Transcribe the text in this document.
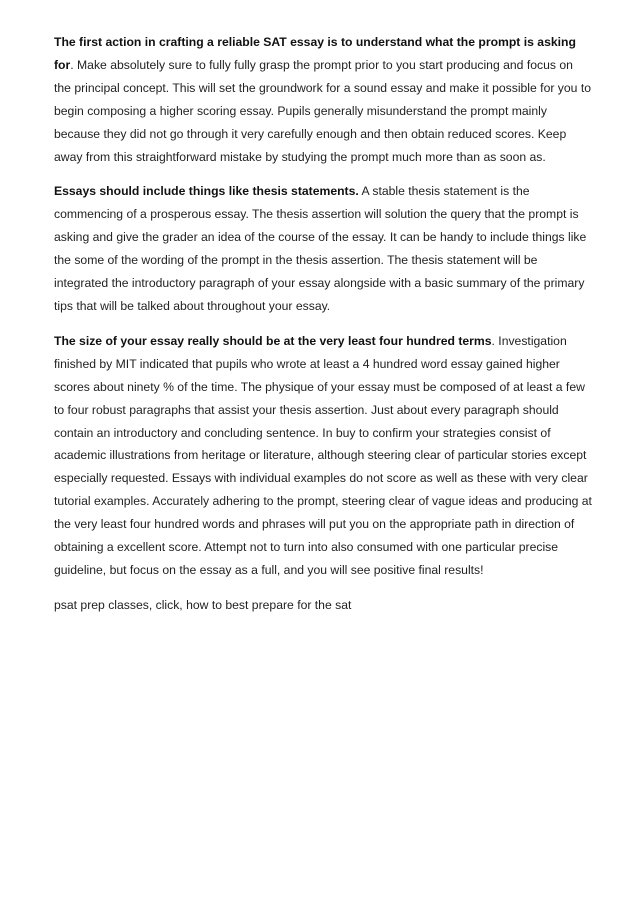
The first action in crafting a reliable SAT essay is to understand what the prompt is asking for. Make absolutely sure to fully fully grasp the prompt prior to you start producing and focus on the principal concept. This will set the groundwork for a sound essay and make it possible for you to begin composing a higher scoring essay. Pupils generally misunderstand the prompt mainly because they did not go through it very carefully enough and then obtain reduced scores. Keep away from this straightforward mistake by studying the prompt much more than as soon as.

Essays should include things like thesis statements. A stable thesis statement is the commencing of a prosperous essay. The thesis assertion will solution the query that the prompt is asking and give the grader an idea of the course of the essay. It can be handy to include things like the some of the wording of the prompt in the thesis assertion. The thesis statement will be integrated the introductory paragraph of your essay alongside with a basic summary of the primary tips that will be talked about throughout your essay.

The size of your essay really should be at the very least four hundred terms. Investigation finished by MIT indicated that pupils who wrote at least a 4 hundred word essay gained higher scores about ninety % of the time. The physique of your essay must be composed of at least a few to four robust paragraphs that assist your thesis assertion. Just about every paragraph should contain an introductory and concluding sentence. In buy to confirm your strategies consist of academic illustrations from heritage or literature, although steering clear of particular stories except especially requested. Essays with individual examples do not score as well as these with very clear tutorial examples. Accurately adhering to the prompt, steering clear of vague ideas and producing at the very least four hundred words and phrases will put you on the appropriate path in direction of obtaining a excellent score. Attempt not to turn into also consumed with one particular precise guideline, but focus on the essay as a full, and you will see positive final results!

psat prep classes, click, how to best prepare for the sat
